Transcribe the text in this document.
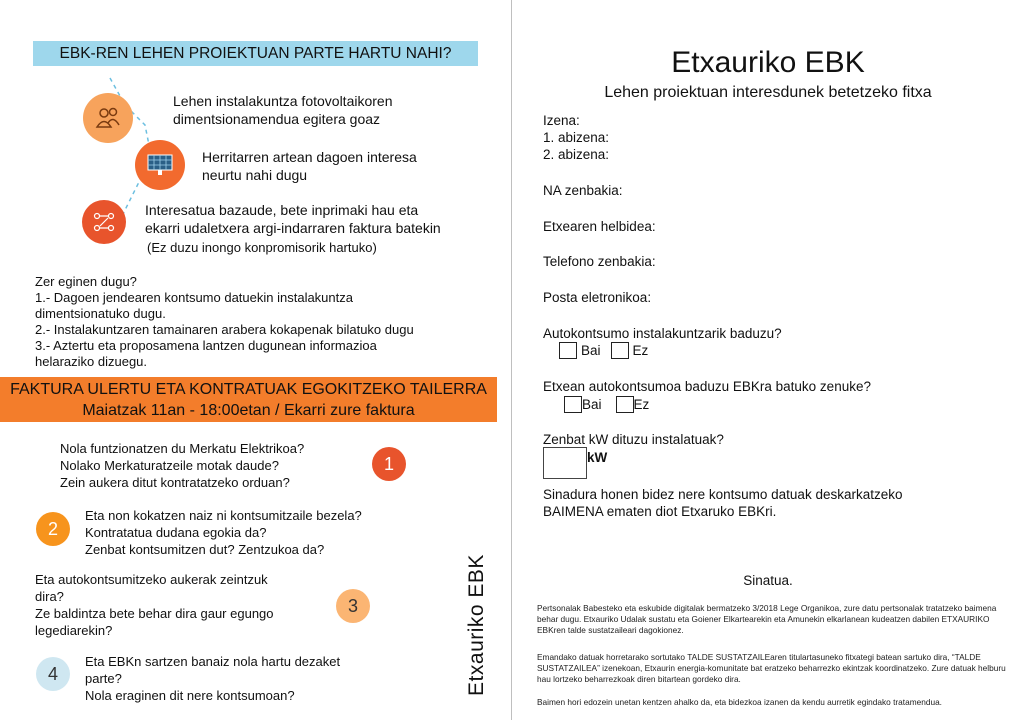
EBK-REN LEHEN PROIEKTUAN PARTE HARTU NAHI?
Lehen instalakuntza fotovoltaikoren
dimentsionamendua egitera goaz
Herritarren artean dagoen interesa
neurtu nahi dugu
Interesatua bazaude, bete inprimaki hau eta
ekarri udaletxera argi-indarraren faktura batekin
(Ez duzu inongo konpromisorik hartuko)
Zer eginen dugu?
1.- Dagoen jendearen kontsumo datuekin instalakuntza
dimentsionatuko dugu.
2.- Instalakuntzaren tamainaren arabera kokapenak bilatuko dugu
3.- Aztertu eta proposamena lantzen dugunean informazioa
helaraziko dizuegu.
FAKTURA ULERTU ETA KONTRATUAK EGOKITZEKO TAILERRA
Maiatzak 11an - 18:00etan / Ekarri zure faktura
Nola funtzionatzen du Merkatu Elektrikoa?
Nolako Merkaturatzeile motak daude?
Zein aukera ditut kontratatzeko orduan?
1
2
Eta non kokatzen naiz ni kontsumitzaile bezela?
Kontratatua dudana egokia da?
Zenbat kontsumitzen dut? Zentzukoa da?
Eta autokontsumitzeko aukerak zeintzuk
dira?
Ze baldintza bete behar dira gaur egungo
legediarekin?
3
4
Eta EBKn sartzen banaiz nola hartu dezaket
parte?
Nola eraginen dit nere kontsumoan?	Etxauriko EBK
Etxauriko EBK
Lehen proiektuan interesdunek betetzeko fitxa
Izena:
1. abizena:
2. abizena:
NA zenbakia:
Etxearen helbidea:
Telefono zenbakia:
Posta eletronikoa:
Autokontsumo instalakuntzarik baduzu?
Bai Ez
Etxean autokontsumoa baduzu EBKra batuko zenuke?
Bai Ez
Zenbat kW dituzu instalatuak?
kW
Sinadura honen bidez nere kontsumo datuak deskarkatzeko
BAIMENA ematen diot Etxaruko EBKri.
Sinatua.
Pertsonalak Babesteko eta eskubide digitalak bermatzeko 3/2018 Lege Organikoa, zure datu pertsonalak tratatzeko baimena behar dugu. Etxauriko Udalak sustatu eta Goiener Elkartearekin eta Amunekin elkarlanean kudeatzen dabilen ETXAURIKO EBKren talde sustatzaileari dagokionez.
Emandako datuak horretarako sortutako TALDE SUSTATZAILEaren titulartasuneko fitxategi batean sartuko dira, “TALDE SUSTATZAILEA” izenekoan, Etxaurin energia-komunitate bat eratzeko beharrezko ekintzak koordinatzeko. Zure datuak helburu hau lortzeko beharrezkoak diren bitartean gordeko dira.
Baimen hori edozein unetan kentzen ahalko da, eta bidezkoa izanen da kendu aurretik egindako tratamendua.
